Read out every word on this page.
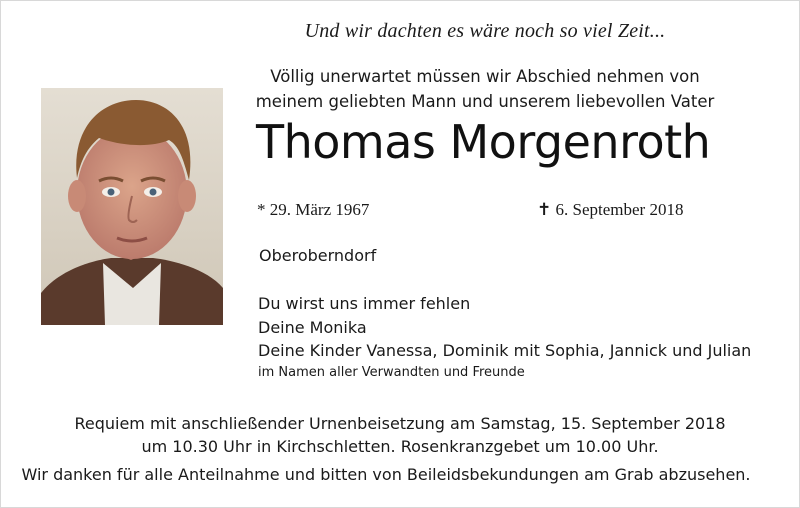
Und wir dachten es wäre noch so viel Zeit...
Völlig unerwartet müssen wir Abschied nehmen von
meinem geliebten Mann und unserem liebevollen Vater
Thomas Morgenroth
* 29. März 1967	✝ 6. September 2018
Oberoberndorf
Du wirst uns immer fehlen
Deine Monika
Deine Kinder Vanessa, Dominik mit Sophia, Jannick und Julian
im Namen aller Verwandten und Freunde
Requiem mit anschließender Urnenbeisetzung am Samstag, 15. September 2018
um 10.30 Uhr in Kirchschletten. Rosenkranzgebet um 10.00 Uhr.
Wir danken für alle Anteilnahme und bitten von Beileidsbekundungen am Grab abzusehen.
